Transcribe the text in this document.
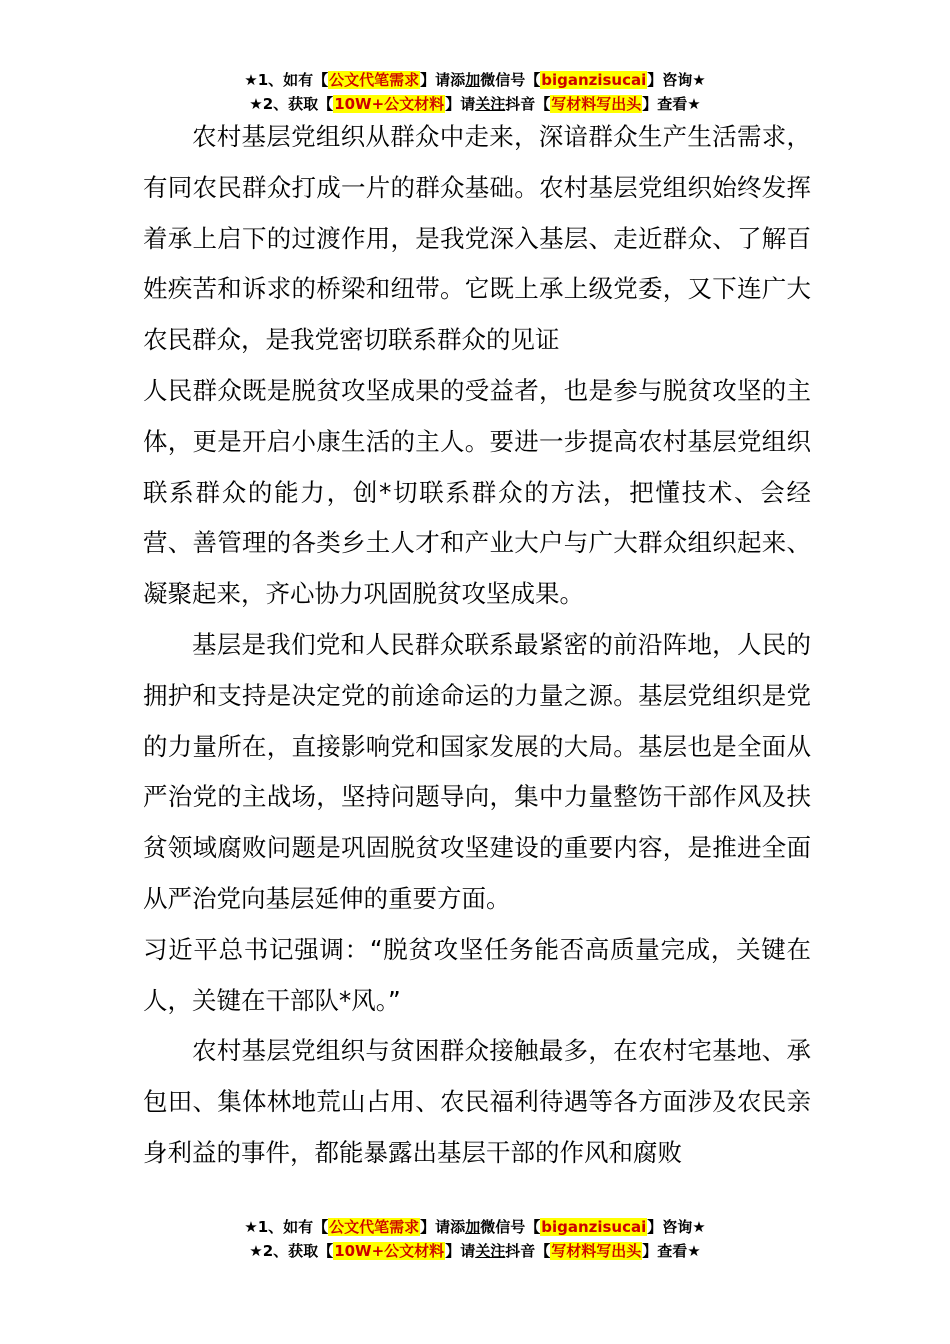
★1、如有【公文代笔需求】请添加微信号【biganzisucai】咨询★
★2、获取【10W+公文材料】请关注抖音【写材料写出头】查看★

农村基层党组织从群众中走来，深谙群众生产生活需求，有同农民群众打成一片的群众基础。农村基层党组织始终发挥着承上启下的过渡作用，是我党深入基层、走近群众、了解百姓疾苦和诉求的桥梁和纽带。它既上承上级党委，又下连广大农民群众，是我党密切联系群众的见证

人民群众既是脱贫攻坚成果的受益者，也是参与脱贫攻坚的主体，更是开启小康生活的主人。要进一步提高农村基层党组织联系群众的能力，创*切联系群众的方法，把懂技术、会经营、善管理的各类乡土人才和产业大户与广大群众组织起来、凝聚起来，齐心协力巩固脱贫攻坚成果。

基层是我们党和人民群众联系最紧密的前沿阵地，人民的拥护和支持是决定党的前途命运的力量之源。基层党组织是党的力量所在，直接影响党和国家发展的大局。基层也是全面从严治党的主战场，坚持问题导向，集中力量整饬干部作风及扶贫领域腐败问题是巩固脱贫攻坚建设的重要内容，是推进全面从严治党向基层延伸的重要方面。

习近平总书记强调：“脱贫攻坚任务能否高质量完成，关键在人，关键在干部队*风。”

农村基层党组织与贫困群众接触最多，在农村宅基地、承包田、集体林地荒山占用、农民福利待遇等各方面涉及农民亲身利益的事件，都能暴露出基层干部的作风和腐败

★1、如有【公文代笔需求】请添加微信号【biganzisucai】咨询★
★2、获取【10W+公文材料】请关注抖音【写材料写出头】查看★
